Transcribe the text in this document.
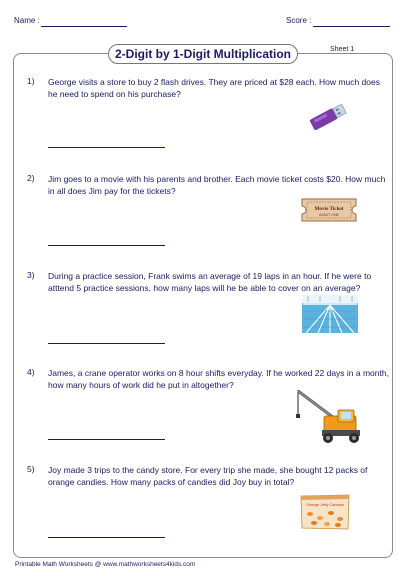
Name :	Score :
2-Digit by 1-Digit Multiplication	Sheet 1
1) George visits a store to buy 2 flash drives. They are priced at $28 each. How much does he need to spend on his purchase?
2) Jim goes to a movie with his parents and brother. Each movie ticket costs $20. How much in all does Jim pay for the tickets?
Movie Ticket
ADMIT ONE
3) During a practice session, Frank swims an average of 19 laps in an hour. If he were to atttend 5 practice sessions, how many laps will he be able to cover on an average?
4) James, a crane operator works on 8 hour shifts everyday. If he worked 22 days in a month, how many hours of work did he put in altogether?
5) Joy made 3 trips to the candy store. For every trip she made, she bought 12 packs of orange candies. How many packs of candies did Joy buy in total?
Orange Jelly Candies
Printable Math Worksheets @ www.mathworksheets4kids.com
